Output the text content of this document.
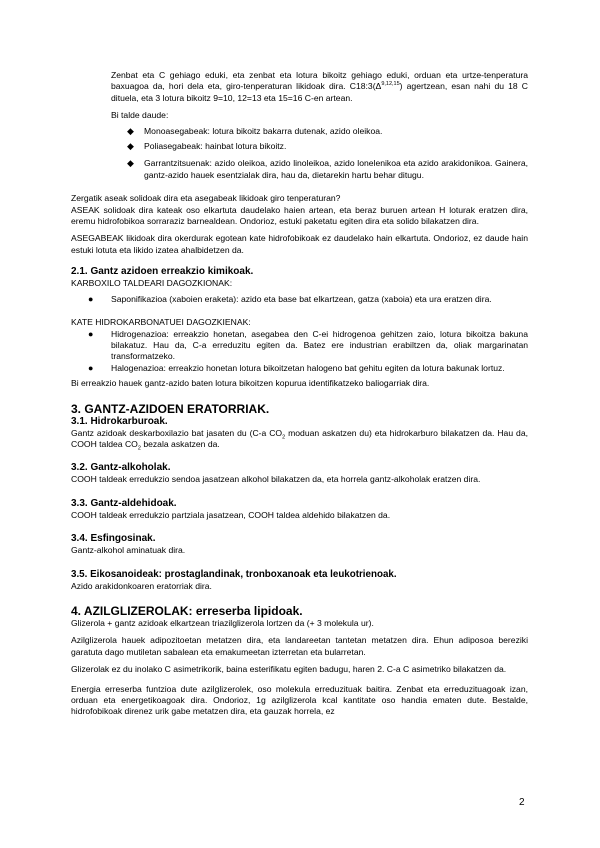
Zenbat eta C gehiago eduki, eta zenbat eta lotura bikoitz gehiago eduki, orduan eta urtze-tenperatura baxuagoa da, hori dela eta, giro-tenperaturan likidoak dira. $C18:3(\Delta^{9,12,15})$ agertzean, esan nahi du 18 C dituela, eta 3 lotura bikoitz 9=10, 12=13 eta 15=16 C-en artean.

Bi talde daude:

◆ Monoasegabeak: lotura bikoitz bakarra dutenak, azido oleikoa.
◆ Poliasegabeak: hainbat lotura bikoitz.
◆ Garrantzitsuenak: azido oleikoa, azido linoleikoa, azido lonelenikoa eta azido arakidonikoa. Gainera, gantz-azido hauek esentzialak dira, hau da, dietarekin hartu behar ditugu.

Zergatik aseak solidoak dira eta asegabeak likidoak giro tenperaturan?

ASEAK solidoak dira kateak oso elkartuta daudelako haien artean, eta beraz buruen artean H loturak eratzen dira, eremu hidrofobikoa sorraraziz barnealdean. Ondorioz, estuki paketatu egiten dira eta solido bilakatzen dira.

ASEGABEAK likidoak dira okerdurak egotean kate hidrofobikoak ez daudelako hain elkartuta. Ondorioz, ez daude hain estuki lotuta eta likido izatea ahalbidetzen da.

2.1. Gantz azidoen erreakzio kimikoak.

KARBOXILO TALDEARI DAGOZKIONAK:

● Saponifikazioa (xaboien eraketa): azido eta base bat elkartzean, gatza (xaboia) eta ura eratzen dira.

KATE HIDROKARBONATUEI DAGOZKIENAK:

● Hidrogenazioa: erreakzio honetan, asegabea den C-ei hidrogenoa gehitzen zaio, lotura bikoitza bakuna bilakatuz. Hau da, C-a erreduzitu egiten da. Batez ere industrian erabiltzen da, oliak margarinatan transformatzeko.
● Halogenazioa: erreakzio honetan lotura bikoitzetan halogeno bat gehitu egiten da lotura bakunak lortuz.

Bi erreakzio hauek gantz-azido baten lotura bikoitzen kopurua identifikatzeko baliogarriak dira.

3. GANTZ-AZIDOEN ERATORRIAK.
3.1. Hidrokarburoak.

Gantz azidoak deskarboxilazio bat jasaten du (C-a $CO_2$ moduan askatzen du) eta hidrokarburo bilakatzen da. Hau da, COOH taldea $CO_2$ bezala askatzen da.

3.2. Gantz-alkoholak.

COOH taldeak erredukzio sendoa jasatzean alkohol bilakatzen da, eta horrela gantz-alkoholak eratzen dira.

3.3. Gantz-aldehidoak.

COOH taldeak erredukzio partziala jasatzean, COOH taldea aldehido bilakatzen da.

3.4. Esfingosinak.

Gantz-alkohol aminatuak dira.

3.5. Eikosanoideak: prostaglandinak, tronboxanoak eta leukotrienoak.

Azido arakidonkoaren eratorriak dira.

4. AZILGLIZEROLAK: erreserba lipidoak.

Glizerola + gantz azidoak elkartzean triazilglizerola lortzen da (+ 3 molekula ur).

Azilglizerola hauek adipozitoetan metatzen dira, eta landareetan tantetan metatzen dira. Ehun adiposoa bereziki garatuta dago mutiletan sabalean eta emakumeetan izterretan eta bularretan.

Glizerolak ez du inolako C asimetrikorik, baina esterifikatu egiten badugu, haren 2. C-a C asimetriko bilakatzen da.

Energia erreserba funtzioa dute azilglizerolek, oso molekula erreduzituak baitira. Zenbat eta erreduzituagoak izan, orduan eta energetikoagoak dira. Ondorioz, 1g azilglizerola kcal kantitate oso handia ematen dute. Bestalde, hidrofobikoak direnez urik gabe metatzen dira, eta gauzak horrela, ez

2
